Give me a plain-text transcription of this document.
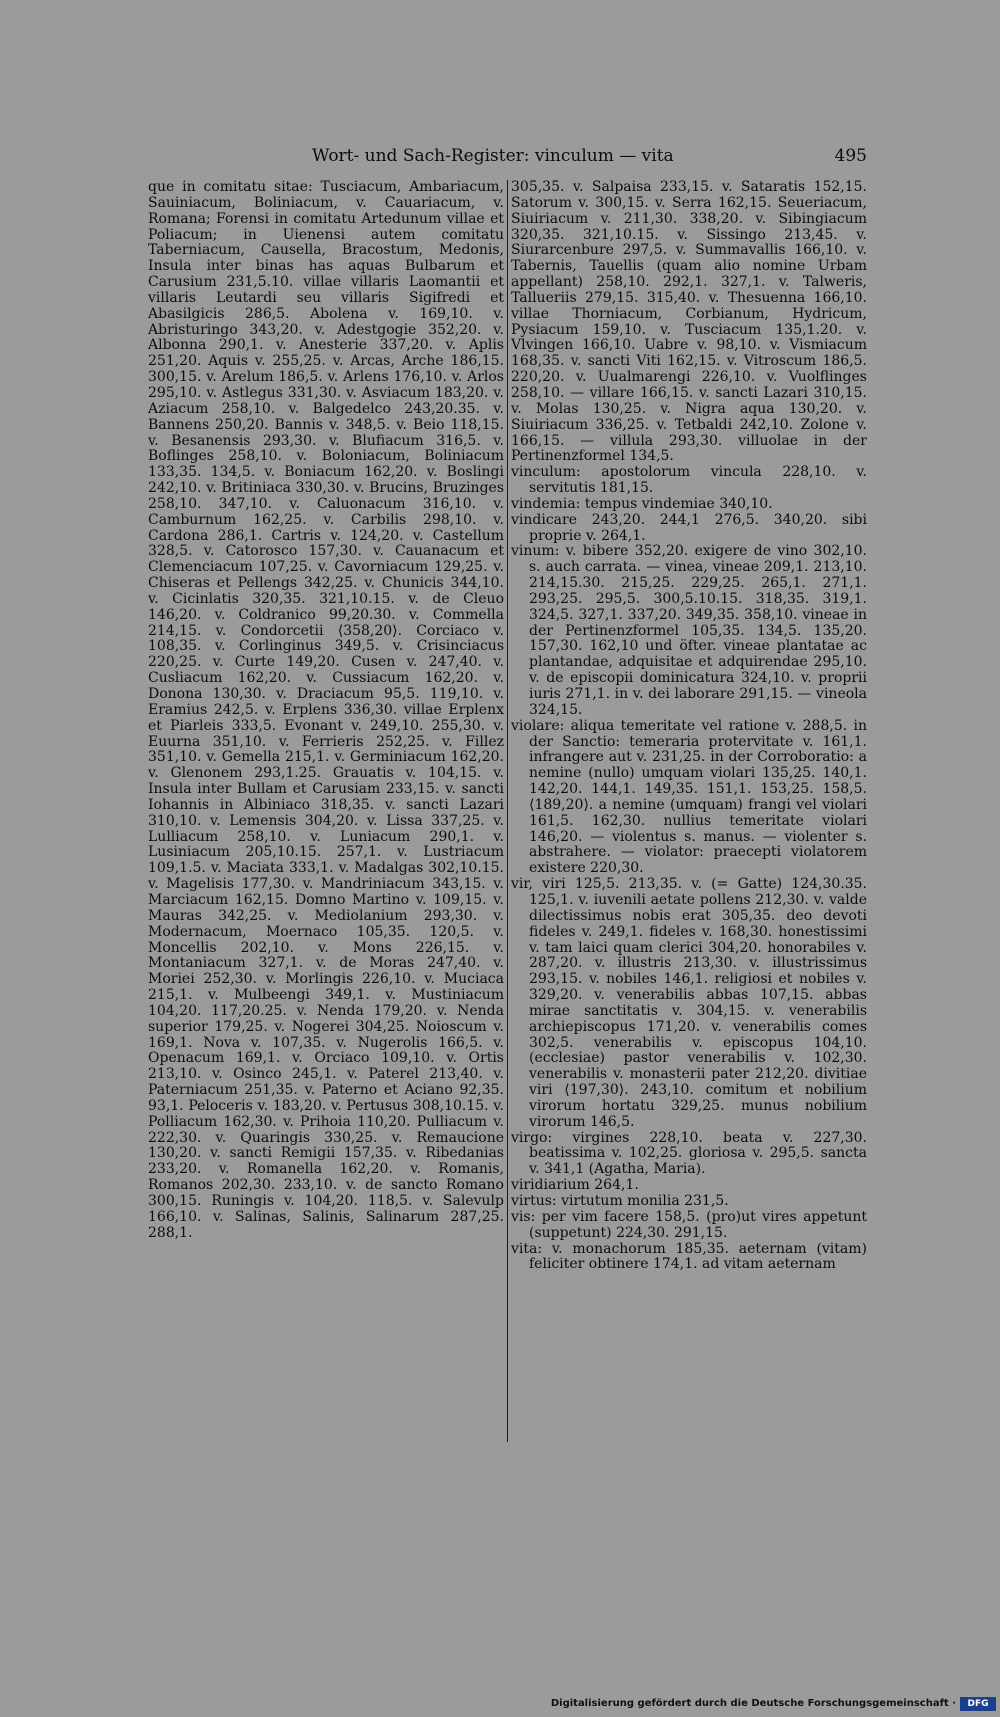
Wort- und Sach-Register: vinculum — vita	495

que in comitatu sitae: Tusciacum, Ambariacum, Sauiniacum, Boliniacum, v. Cauariacum, v. Romana; Forensi in comitatu Artedunum villae et Poliacum; in Uienensi autem comitatu Taberniacum, Causella, Bracostum, Medonis, Insula inter binas has aquas Bulbarum et Carusium 231,5.10. villae villaris Laomantii et villaris Leutardi seu villaris Sigifredi et Abasilgicis 286,5. Abolena v. 169,10. v. Abristuringo 343,20. v. Adestgogie 352,20. v. Albonna 290,1. v. Anesterie 337,20. v. Aplis 251,20. Aquis v. 255,25. v. Arcas, Arche 186,15. 300,15. v. Arelum 186,5. v. Arlens 176,10. v. Arlos 295,10. v. Astlegus 331,30. v. Asviacum 183,20. v. Aziacum 258,10. v. Balgedelco 243,20.35. v. Bannens 250,20. Bannis v. 348,5. v. Beio 118,15. v. Besanensis 293,30. v. Blufiacum 316,5. v. Boflinges 258,10. v. Boloniacum, Boliniacum 133,35. 134,5. v. Boniacum 162,20. v. Boslingi 242,10. v. Britiniaca 330,30. v. Brucins, Bruzinges 258,10. 347,10. v. Caluonacum 316,10. v. Camburnum 162,25. v. Carbilis 298,10. v. Cardona 286,1. Cartris v. 124,20. v. Castellum 328,5. v. Catorosco 157,30. v. Cauanacum et Clemenciacum 107,25. v. Cavorniacum 129,25. v. Chiseras et Pellengs 342,25. v. Chunicis 344,10. v. Cicinlatis 320,35. 321,10.15. v. de Cleuo 146,20. v. Coldranico 99,20.30. v. Commella 214,15. v. Condorcetii ⟨358,20⟩. Corciaco v. 108,35. v. Corlinginus 349,5. v. Crisinciacus 220,25. v. Curte 149,20. Cusen v. 247,40. v. Cusliacum 162,20. v. Cussiacum 162,20. v. Donona 130,30. v. Draciacum 95,5. 119,10. v. Eramius 242,5. v. Erplens 336,30. villae Erplenx et Piarleis 333,5. Evonant v. 249,10. 255,30. v. Euurna 351,10. v. Ferrieris 252,25. v. Fillez 351,10. v. Gemella 215,1. v. Germiniacum 162,20. v. Glenonem 293,1.25. Grauatis v. 104,15. v. Insula inter Bullam et Carusiam 233,15. v. sancti Iohannis in Albiniaco 318,35. v. sancti Lazari 310,10. v. Lemensis 304,20. v. Lissa 337,25. v. Lulliacum 258,10. v. Luniacum 290,1. v. Lusiniacum 205,10.15. 257,1. v. Lustriacum 109,1.5. v. Maciata 333,1. v. Madalgas 302,10.15. v. Magelisis 177,30. v. Mandriniacum 343,15. v. Marciacum 162,15. Domno Martino v. 109,15. v. Mauras 342,25. v. Mediolanium 293,30. v. Modernacum, Moernaco 105,35. 120,5. v. Moncellis 202,10. v. Mons 226,15. v. Montaniacum 327,1. v. de Moras 247,40. v. Moriei 252,30. v. Morlingis 226,10. v. Muciaca 215,1. v. Mulbeengi 349,1. v. Mustiniacum 104,20. 117,20.25. v. Nenda 179,20. v. Nenda superior 179,25. v. Nogerei 304,25. Noioscum v. 169,1. Nova v. 107,35. v. Nugerolis 166,5. v. Openacum 169,1. v. Orciaco 109,10. v. Ortis 213,10. v. Osinco 245,1. v. Paterel 213,40. v. Paterniacum 251,35. v. Paterno et Aciano 92,35. 93,1. Peloceris v. 183,20. v. Pertusus 308,10.15. v. Polliacum 162,30. v. Prihoia 110,20. Pulliacum v. 222,30. v. Quaringis 330,25. v. Remaucione 130,20. v. sancti Remigii 157,35. v. Ribedanias 233,20. v. Romanella 162,20. v. Romanis, Romanos 202,30. 233,10. v. de sancto Romano 300,15. Runingis v. 104,20. 118,5. v. Salevulp 166,10. v. Salinas, Salinis, Salinarum 287,25. 288,1.

305,35. v. Salpaisa 233,15. v. Sataratis 152,15. Satorum v. 300,15. v. Serra 162,15. Seueriacum, Siuiriacum v. 211,30. 338,20. v. Sibingiacum 320,35. 321,10.15. v. Sissingo 213,45. v. Siurarcenbure 297,5. v. Summavallis 166,10. v. Tabernis, Tauellis (quam alio nomine Urbam appellant) 258,10. 292,1. 327,1. v. Talweris, Tallueriis 279,15. 315,40. v. Thesuenna 166,10. villae Thorniacum, Corbianum, Hydricum, Pysiacum 159,10. v. Tusciacum 135,1.20. v. Vlvingen 166,10. Uabre v. 98,10. v. Vismiacum 168,35. v. sancti Viti 162,15. v. Vitroscum 186,5. 220,20. v. Uualmarengi 226,10. v. Vuolflinges 258,10. — villare 166,15. v. sancti Lazari 310,15. v. Molas 130,25. v. Nigra aqua 130,20. v. Siuiriacum 336,25. v. Tetbaldi 242,10. Zolone v. 166,15. — villula 293,30. villuolae in der Pertinenzformel 134,5.

vinculum: apostolorum vincula 228,10. v. servitutis 181,15.

vindemia: tempus vindemiae 340,10.

vindicare 243,20. 244,1 276,5. 340,20. sibi proprie v. 264,1.

vinum: v. bibere 352,20. exigere de vino 302,10. s. auch carrata. — vinea, vineae 209,1. 213,10. 214,15.30. 215,25. 229,25. 265,1. 271,1. 293,25. 295,5. 300,5.10.15. 318,35. 319,1. 324,5. 327,1. 337,20. 349,35. 358,10. vineae in der Pertinenzformel 105,35. 134,5. 135,20. 157,30. 162,10 und öfter. vineae plantatae ac plantandae, adquisitae et adquirendae 295,10. v. de episcopii dominicatura 324,10. v. proprii iuris 271,1. in v. dei laborare 291,15. — vineola 324,15.

violare: aliqua temeritate vel ratione v. 288,5. in der Sanctio: temeraria protervitate v. 161,1. infrangere aut v. 231,25. in der Corroboratio: a nemine (nullo) umquam violari 135,25. 140,1. 142,20. 144,1. 149,35. 151,1. 153,25. 158,5. ⟨189,20⟩. a nemine (umquam) frangi vel violari 161,5. 162,30. nullius temeritate violari 146,20. — violentus s. manus. — violenter s. abstrahere. — violator: praecepti violatorem existere 220,30.

vir, viri 125,5. 213,35. v. (= Gatte) 124,30.35. 125,1. v. iuvenili aetate pollens 212,30. v. valde dilectissimus nobis erat 305,35. deo devoti fideles v. 249,1. fideles v. 168,30. honestissimi v. tam laici quam clerici 304,20. honorabiles v. 287,20. v. illustris 213,30. v. illustrissimus 293,15. v. nobiles 146,1. religiosi et nobiles v. 329,20. v. venerabilis abbas 107,15. abbas mirae sanctitatis v. 304,15. v. venerabilis archiepiscopus 171,20. v. venerabilis comes 302,5. venerabilis v. episcopus 104,10. (ecclesiae) pastor venerabilis v. 102,30. venerabilis v. monasterii pater 212,20. divitiae viri ⟨197,30⟩. 243,10. comitum et nobilium virorum hortatu 329,25. munus nobilium virorum 146,5.

virgo: virgines 228,10. beata v. 227,30. beatissima v. 102,25. gloriosa v. 295,5. sancta v. 341,1 (Agatha, Maria).

viridiarium 264,1.

virtus: virtutum monilia 231,5.

vis: per vim facere 158,5. (pro)ut vires appetunt (suppetunt) 224,30. 291,15.

vita: v. monachorum 185,35. aeternam (vitam) feliciter obtinere 174,1. ad vitam aeternam

Digitalisierung gefördert durch die Deutsche Forschungsgemeinschaft ·	DFG
